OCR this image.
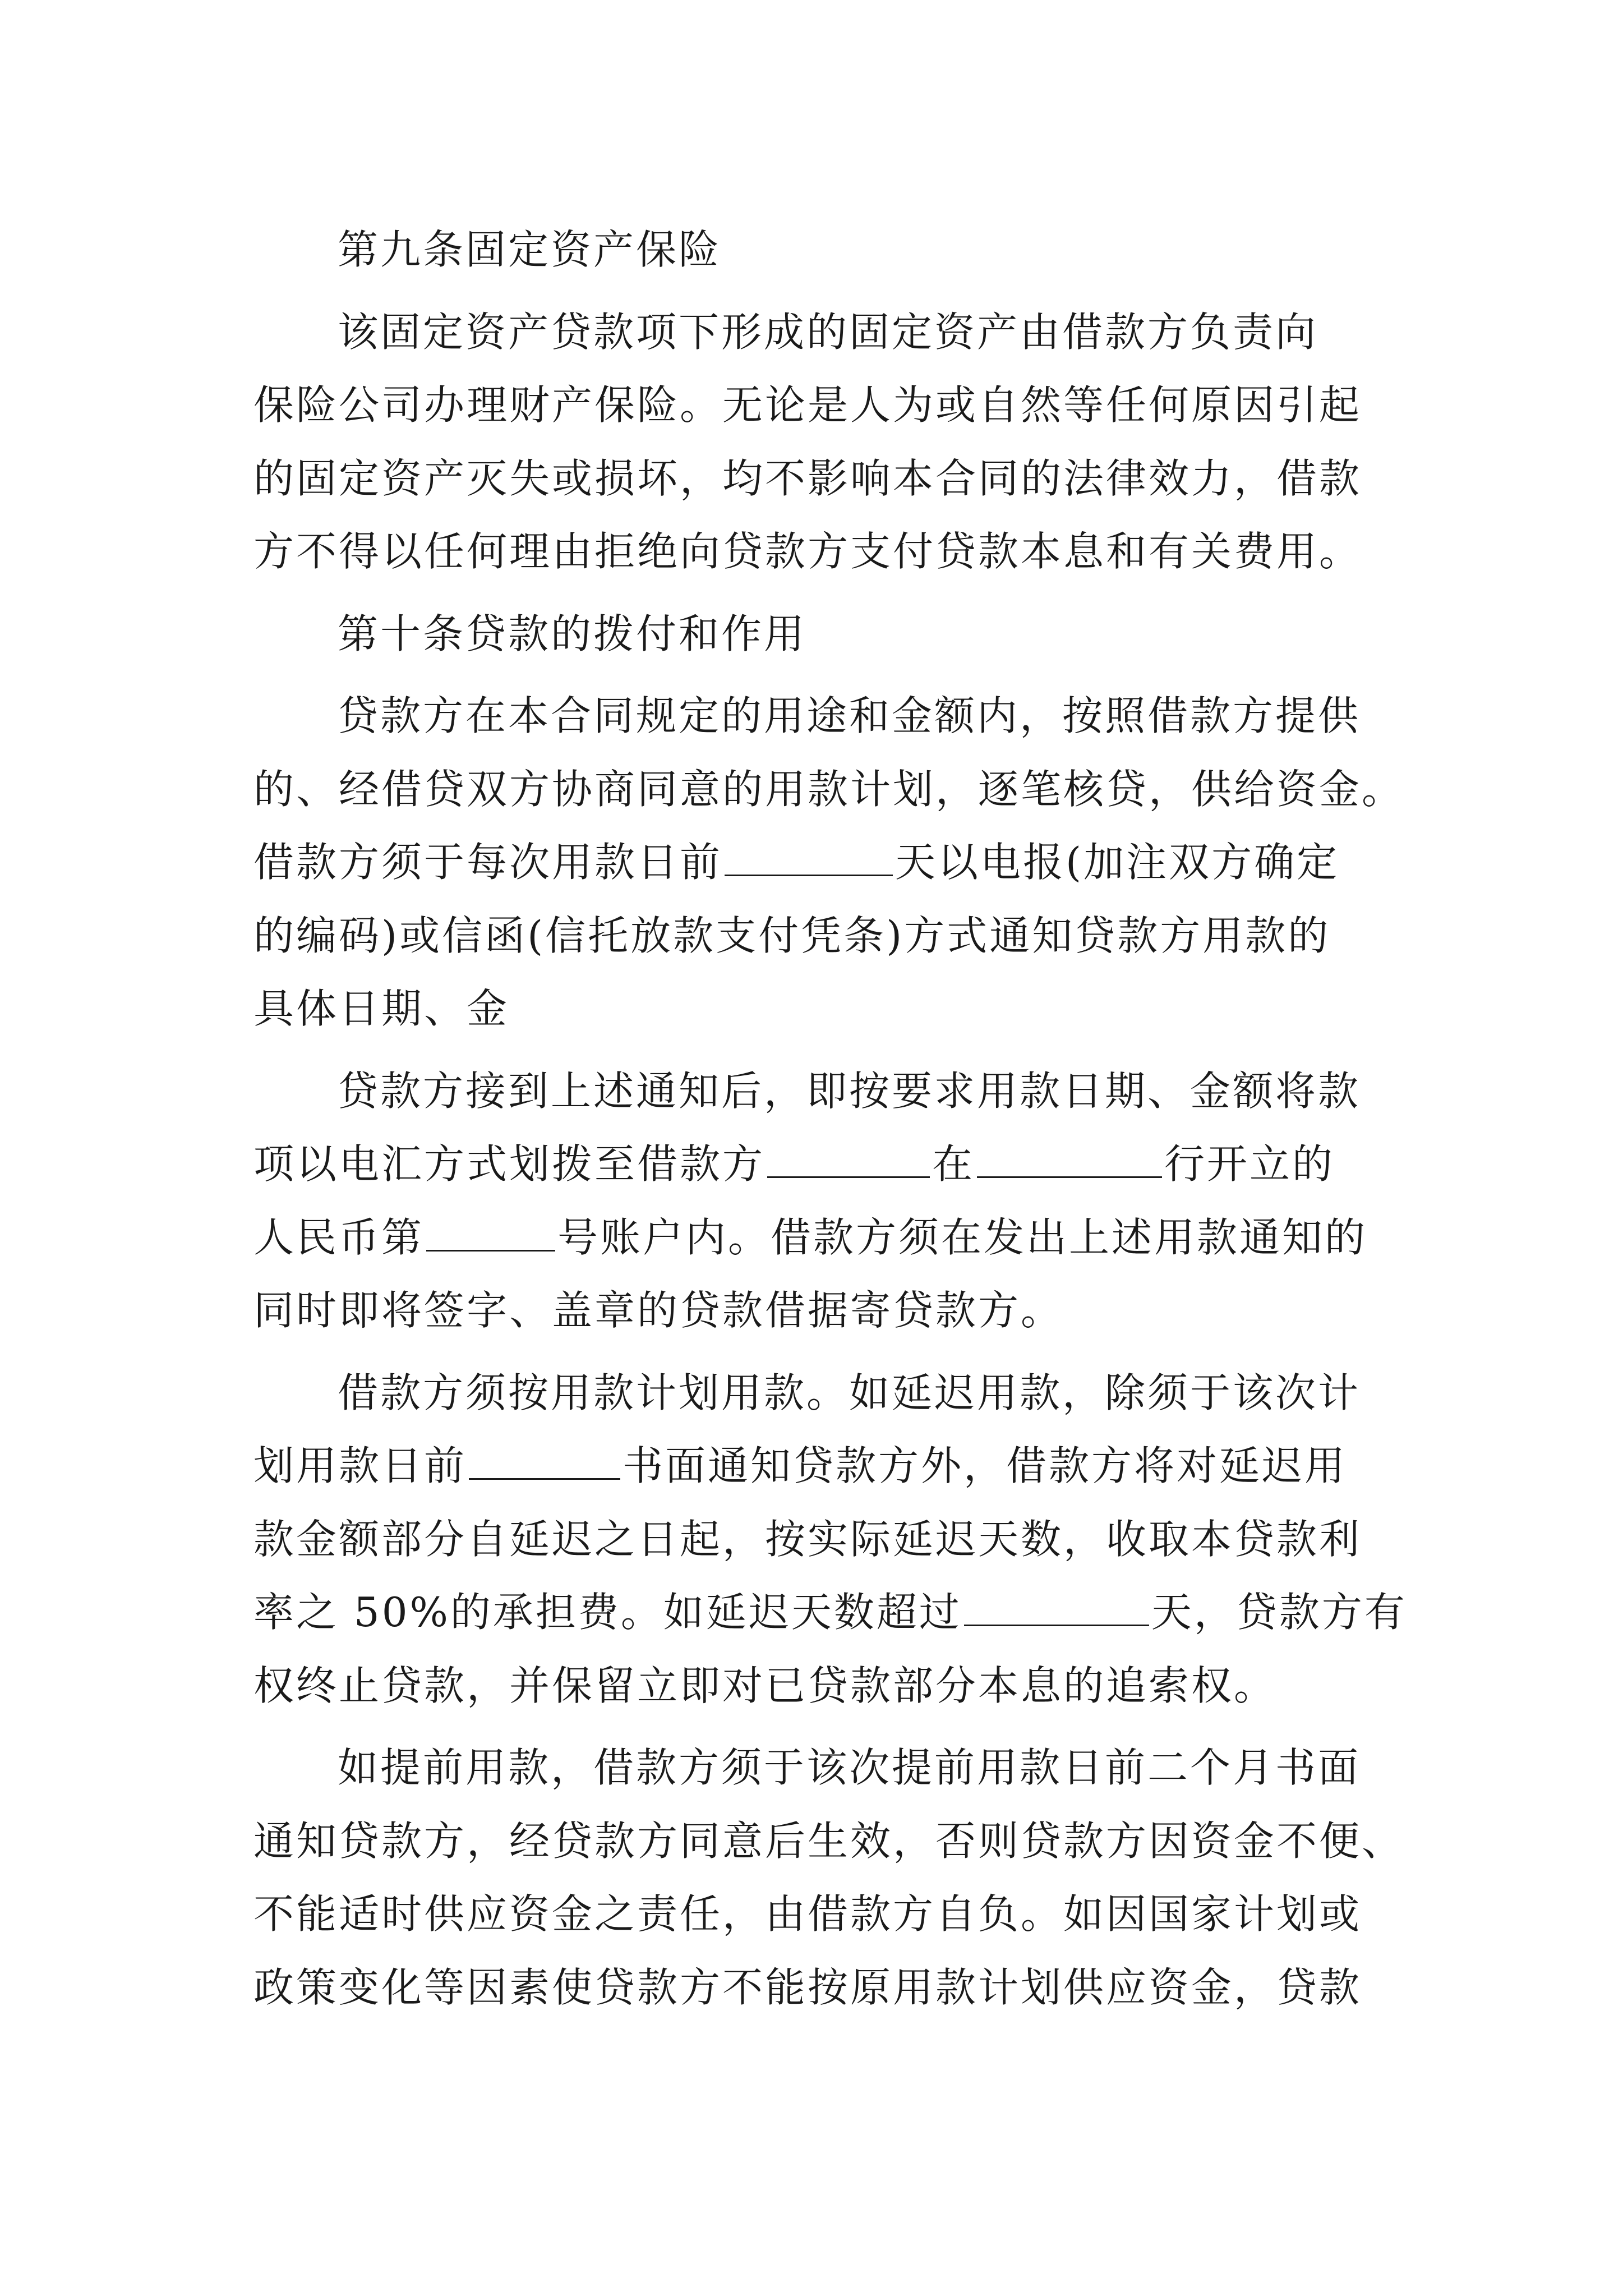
第九条固定资产保险
该固定资产贷款项下形成的固定资产由借款方负责向
保险公司办理财产保险。无论是人为或自然等任何原因引起
的固定资产灭失或损坏，均不影响本合同的法律效力，借款
方不得以任何理由拒绝向贷款方支付贷款本息和有关费用。
第十条贷款的拨付和作用
贷款方在本合同规定的用途和金额内，按照借款方提供
的、经借贷双方协商同意的用款计划，逐笔核贷，供给资金。
借款方须于每次用款日前	天以电报(加注双方确定
的编码)或信函(信托放款支付凭条)方式通知贷款方用款的
具体日期、金
贷款方接到上述通知后，即按要求用款日期、金额将款
项以电汇方式划拨至借款方	在	行开立的
人民币第	号账户内。借款方须在发出上述用款通知的
同时即将签字、盖章的贷款借据寄贷款方。
借款方须按用款计划用款。如延迟用款，除须于该次计
划用款日前	书面通知贷款方外，借款方将对延迟用
款金额部分自延迟之日起，按实际延迟天数，收取本贷款利
率之 50%的承担费。如延迟天数超过	天，贷款方有
权终止贷款，并保留立即对已贷款部分本息的追索权。
如提前用款，借款方须于该次提前用款日前二个月书面
通知贷款方，经贷款方同意后生效，否则贷款方因资金不便、
不能适时供应资金之责任，由借款方自负。如因国家计划或
政策变化等因素使贷款方不能按原用款计划供应资金，贷款
